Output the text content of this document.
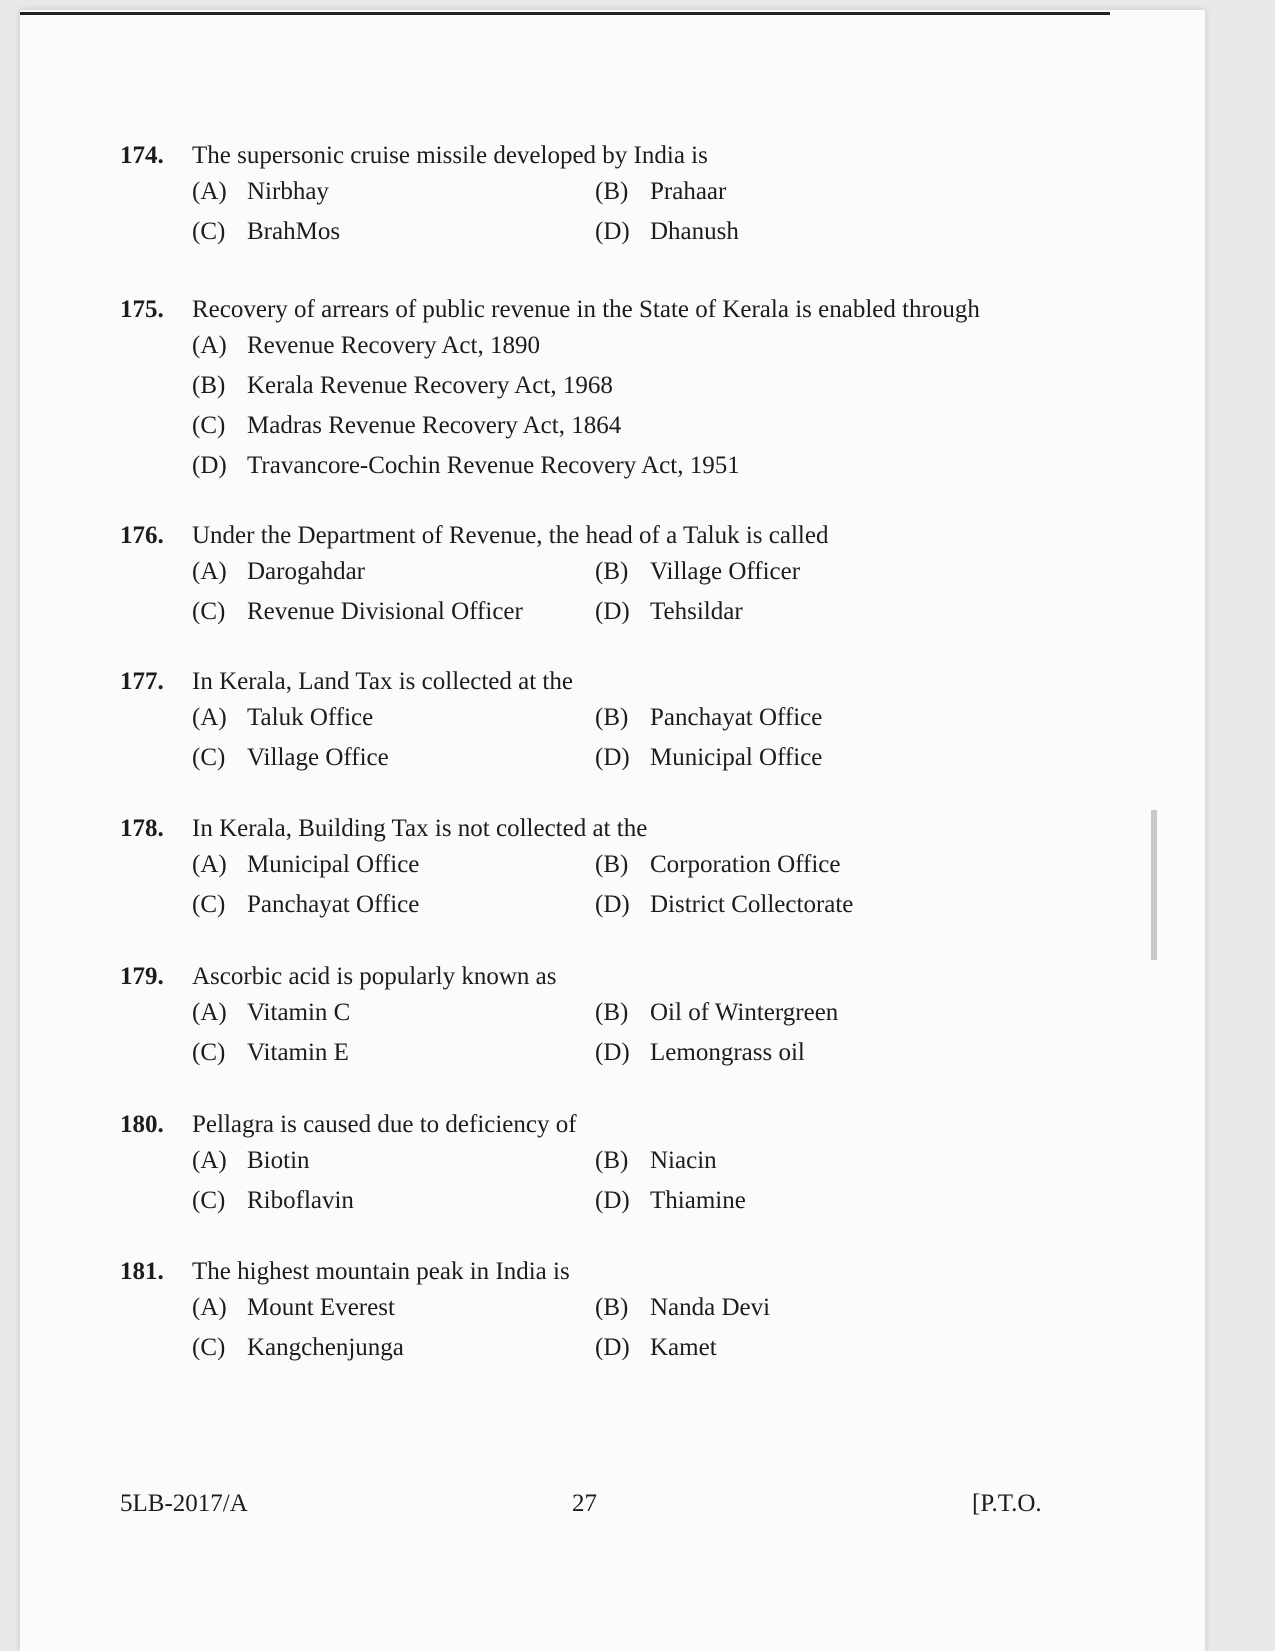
174.	The supersonic cruise missile developed by India is
(A) Nirbhay	(B) Prahaar
(C) BrahMos	(D) Dhanush
175.	Recovery of arrears of public revenue in the State of Kerala is enabled through
(A) Revenue Recovery Act, 1890
(B) Kerala Revenue Recovery Act, 1968
(C) Madras Revenue Recovery Act, 1864
(D) Travancore-Cochin Revenue Recovery Act, 1951
176.	Under the Department of Revenue, the head of a Taluk is called
(A) Darogahdar	(B) Village Officer
(C) Revenue Divisional Officer	(D) Tehsildar
177.	In Kerala, Land Tax is collected at the
(A) Taluk Office	(B) Panchayat Office
(C) Village Office	(D) Municipal Office
178.	In Kerala, Building Tax is not collected at the
(A) Municipal Office	(B) Corporation Office
(C) Panchayat Office	(D) District Collectorate
179.	Ascorbic acid is popularly known as
(A) Vitamin C	(B) Oil of Wintergreen
(C) Vitamin E	(D) Lemongrass oil
180.	Pellagra is caused due to deficiency of
(A) Biotin	(B) Niacin
(C) Riboflavin	(D) Thiamine
181.	The highest mountain peak in India is
(A) Mount Everest	(B) Nanda Devi
(C) Kangchenjunga	(D) Kamet
5LB-2017/A	27	[P.T.O.
